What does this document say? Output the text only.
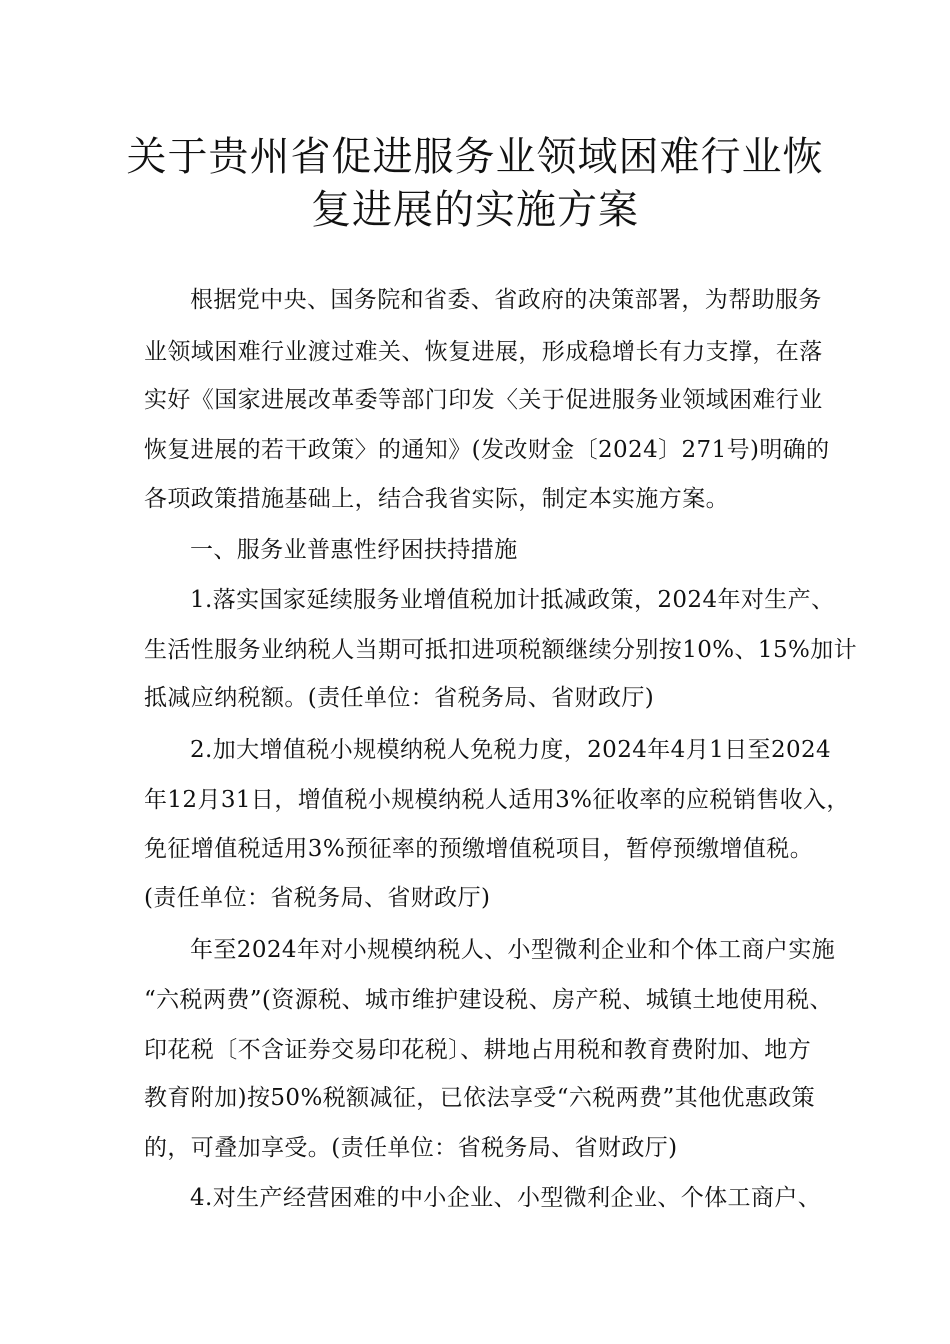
关于贵州省促进服务业领域困难行业恢
复进展的实施方案
根据党中央、国务院和省委、省政府的决策部署，为帮助服务
业领域困难行业渡过难关、恢复进展，形成稳增长有力支撑，在落
实好《国家进展改革委等部门印发〈关于促进服务业领域困难行业
恢复进展的若干政策〉的通知》(发改财金〔2024〕271号)明确的
各项政策措施基础上，结合我省实际，制定本实施方案。
一、服务业普惠性纾困扶持措施
1.落实国家延续服务业增值税加计抵减政策，2024年对生产、
生活性服务业纳税人当期可抵扣进项税额继续分别按10%、15%加计
抵减应纳税额。(责任单位：省税务局、省财政厅)
2.加大增值税小规模纳税人免税力度，2024年4月1日至2024
年12月31日，增值税小规模纳税人适用3%征收率的应税销售收入，
免征增值税适用3%预征率的预缴增值税项目，暂停预缴增值税。
(责任单位：省税务局、省财政厅)
年至2024年对小规模纳税人、小型微利企业和个体工商户实施
“六税两费”(资源税、城市维护建设税、房产税、城镇土地使用税、
印花税〔不含证券交易印花税〕、耕地占用税和教育费附加、地方
教育附加)按50%税额减征，已依法享受“六税两费”其他优惠政策
的，可叠加享受。(责任单位：省税务局、省财政厅)
4.对生产经营困难的中小企业、小型微利企业、个体工商户、
